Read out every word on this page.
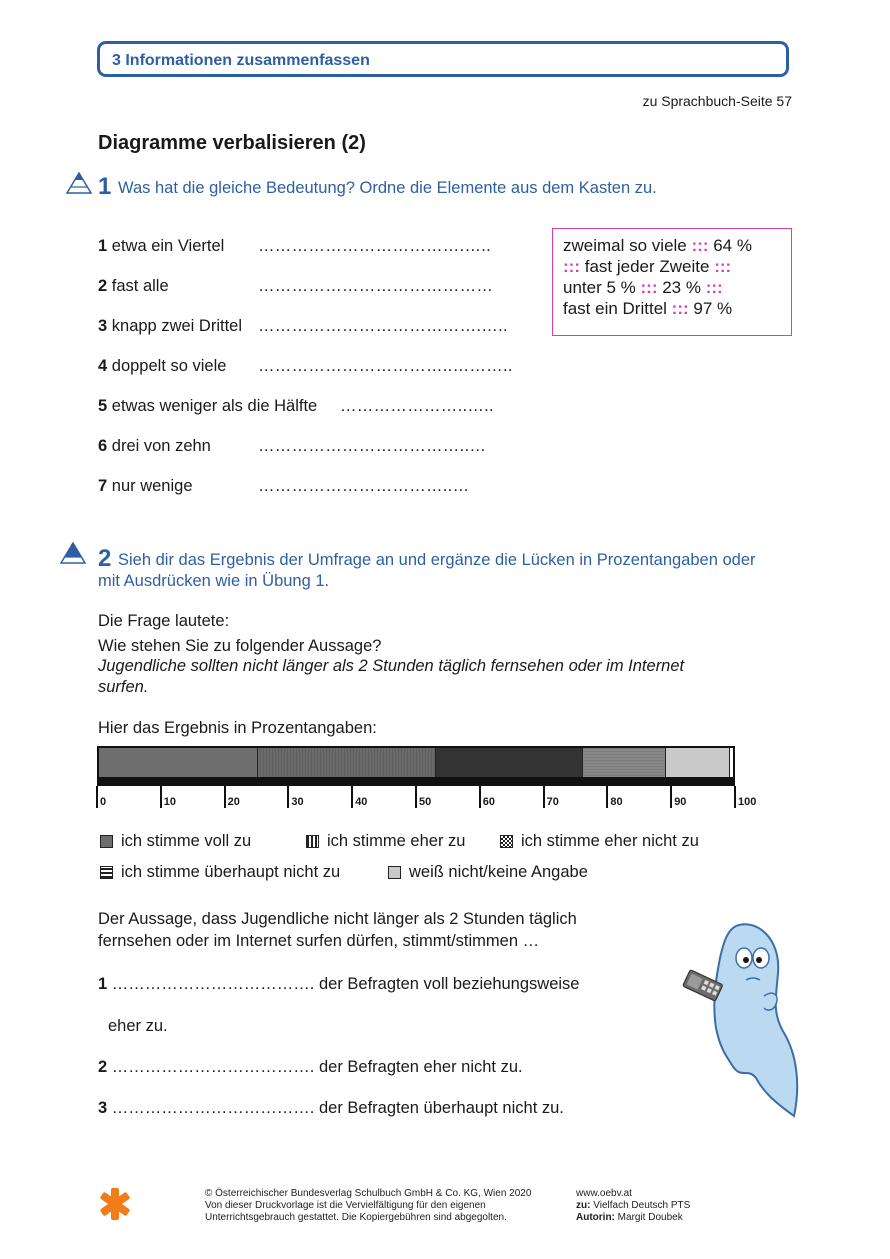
3 Informationen zusammenfassen
zu Sprachbuch-Seite 57
Diagramme verbalisieren (2)
1 Was hat die gleiche Bedeutung? Ordne die Elemente aus dem Kasten zu.
1 etwa ein Viertel ……………………………….…..
2 fast alle	……………………………………
3 knapp zwei Drittel ………………………………….…..
4 doppelt so viele ……………………………..………..
5 etwas weniger als die Hälfte …………………..…..
6 drei von zehn	………………………………..…
7 nur wenige	……………………………..…
zweimal so viele ::: 64 %
::: fast jeder Zweite :::
unter 5 % ::: 23 % :::
fast ein Drittel ::: 97 %
2 Sieh dir das Ergebnis der Umfrage an und ergänze die Lücken in Prozentangaben oder
mit Ausdrücken wie in Übung 1.
Die Frage lautete:
Wie stehen Sie zu folgender Aussage?
Jugendliche sollten nicht länger als 2 Stunden täglich fernsehen oder im Internet
surfen.
Hier das Ergebnis in Prozentangaben:
0	10	20	30	40	50	60	70	80	90	100
ich stimme voll zu	ich stimme eher zu	ich stimme eher nicht zu
ich stimme überhaupt nicht zu	weiß nicht/keine Angabe
Der Aussage, dass Jugendliche nicht länger als 2 Stunden täglich
fernsehen oder im Internet surfen dürfen, stimmt/stimmen …
1 ………………………………. der Befragten voll beziehungsweise
eher zu.
2 ………………………………. der Befragten eher nicht zu.
3 ………………………………. der Befragten überhaupt nicht zu.
© Österreichischer Bundesverlag Schulbuch GmbH & Co. KG, Wien 2020
Von dieser Druckvorlage ist die Vervielfältigung für den eigenen
Unterrichtsgebrauch gestattet. Die Kopiergebühren sind abgegolten.
www.oebv.at
zu: Vielfach Deutsch PTS
Autorin: Margit Doubek
